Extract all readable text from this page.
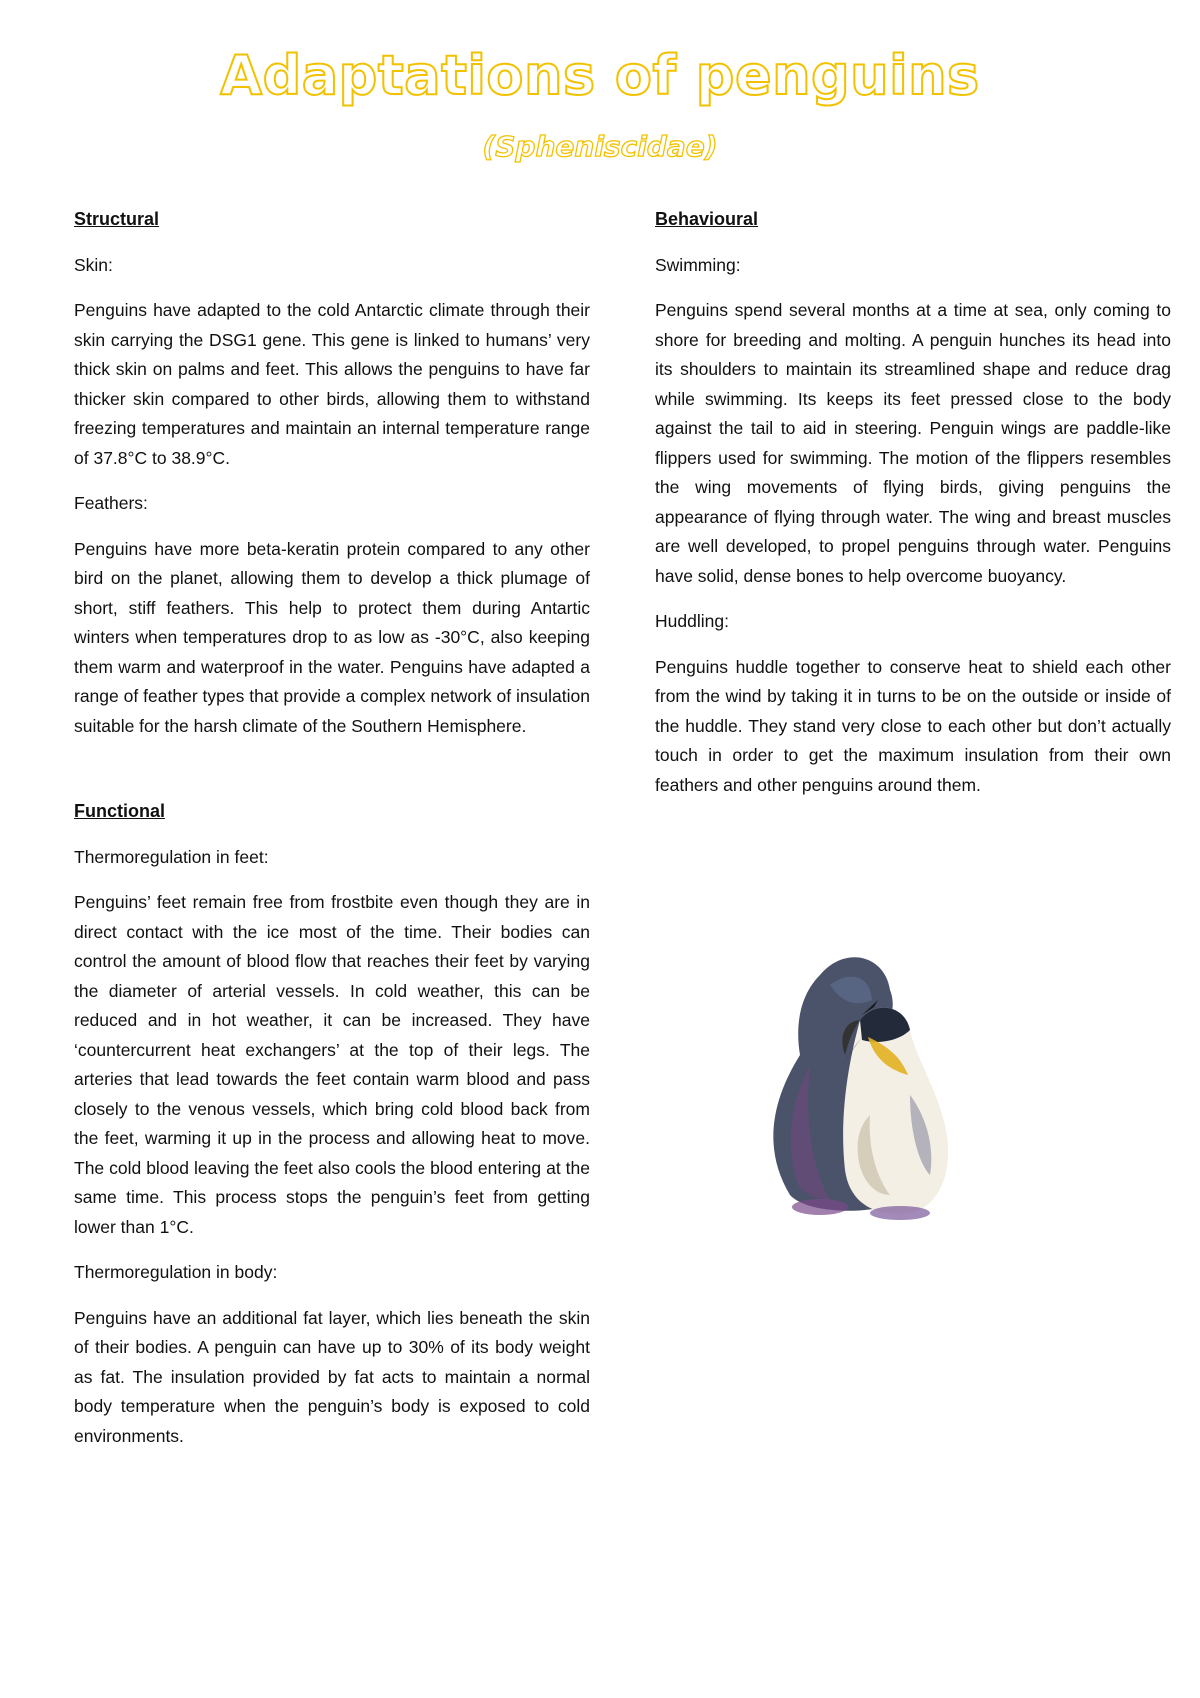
Adaptations of penguins
(Spheniscidae)
Structural
Skin:

Penguins have adapted to the cold Antarctic climate through their skin carrying the DSG1 gene. This gene is linked to humans’ very thick skin on palms and feet. This allows the penguins to have far thicker skin compared to other birds, allowing them to withstand freezing temperatures and maintain an internal temperature range of 37.8°C to 38.9°C.

Feathers:

Penguins have more beta-keratin protein compared to any other bird on the planet, allowing them to develop a thick plumage of short, stiff feathers. This help to protect them during Antartic winters when temperatures drop to as low as -30°C, also keeping them warm and waterproof in the water. Penguins have adapted a range of feather types that provide a complex network of insulation suitable for the harsh climate of the Southern Hemisphere.

Functional
Thermoregulation in feet:

Penguins’ feet remain free from frostbite even though they are in direct contact with the ice most of the time. Their bodies can control the amount of blood flow that reaches their feet by varying the diameter of arterial vessels. In cold weather, this can be reduced and in hot weather, it can be increased. They have ‘countercurrent heat exchangers’ at the top of their legs. The arteries that lead towards the feet contain warm blood and pass closely to the venous vessels, which bring cold blood back from the feet, warming it up in the process and allowing heat to move. The cold blood leaving the feet also cools the blood entering at the same time. This process stops the penguin’s feet from getting lower than 1°C.

Thermoregulation in body:

Penguins have an additional fat layer, which lies beneath the skin of their bodies. A penguin can have up to 30% of its body weight as fat. The insulation provided by fat acts to maintain a normal body temperature when the penguin’s body is exposed to cold environments.

Behavioural
Swimming:

Penguins spend several months at a time at sea, only coming to shore for breeding and molting. A penguin hunches its head into its shoulders to maintain its streamlined shape and reduce drag while swimming. Its keeps its feet pressed close to the body against the tail to aid in steering. Penguin wings are paddle-like flippers used for swimming. The motion of the flippers resembles the wing movements of flying birds, giving penguins the appearance of flying through water. The wing and breast muscles are well developed, to propel penguins through water. Penguins have solid, dense bones to help overcome buoyancy.

Huddling:

Penguins huddle together to conserve heat to shield each other from the wind by taking it in turns to be on the outside or inside of the huddle. They stand very close to each other but don’t actually touch in order to get the maximum insulation from their own feathers and other penguins around them.
